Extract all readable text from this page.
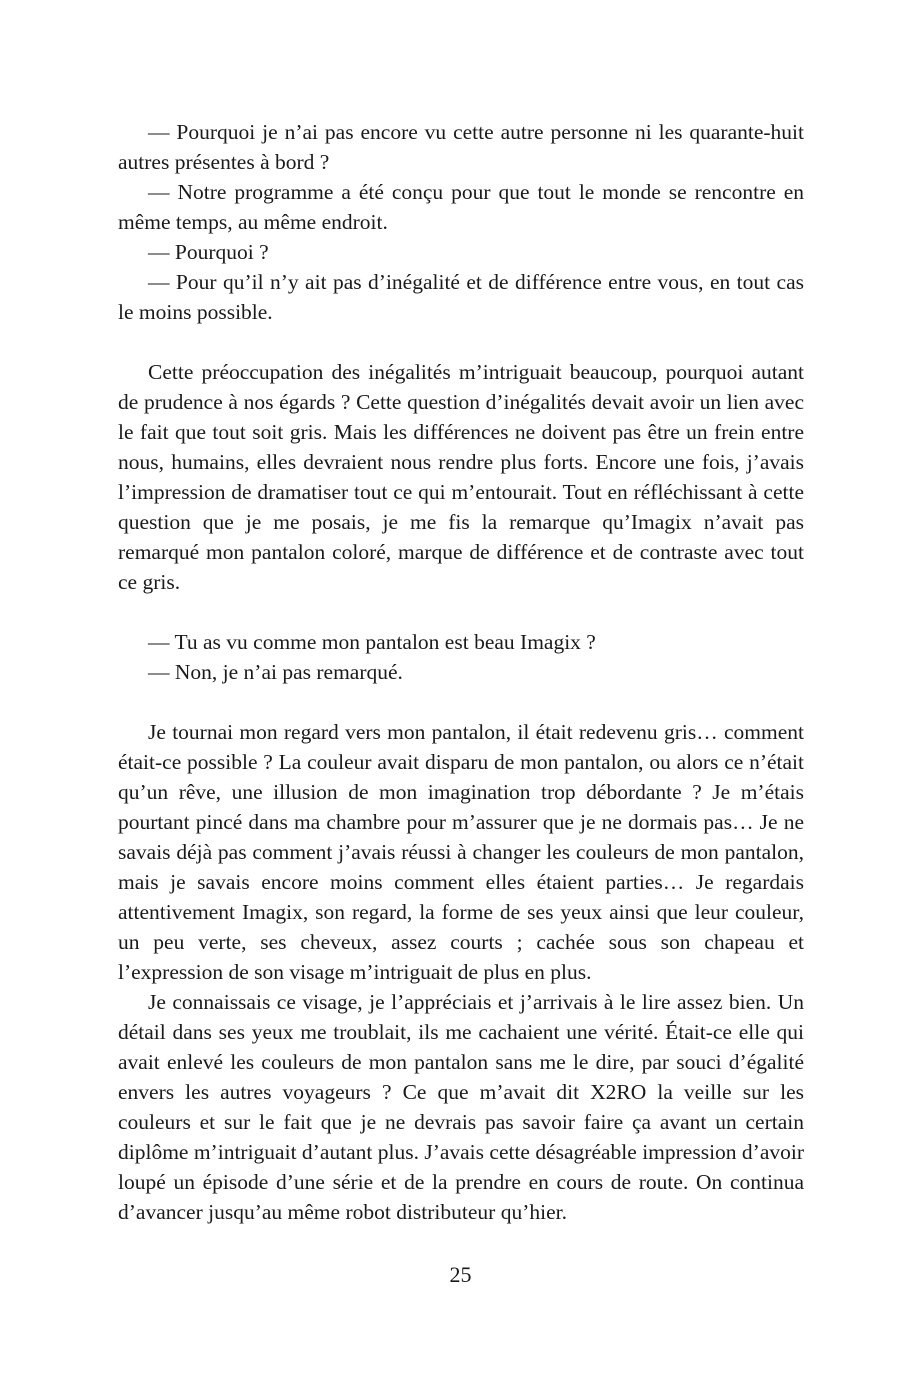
— Pourquoi je n’ai pas encore vu cette autre personne ni les quarante-huit autres présentes à bord ?

— Notre programme a été conçu pour que tout le monde se rencontre en même temps, au même endroit.

— Pourquoi ?

— Pour qu’il n’y ait pas d’inégalité et de différence entre vous, en tout cas le moins possible.

Cette préoccupation des inégalités m’intriguait beaucoup, pourquoi autant de prudence à nos égards ? Cette question d’inégalités devait avoir un lien avec le fait que tout soit gris. Mais les différences ne doivent pas être un frein entre nous, humains, elles devraient nous rendre plus forts. Encore une fois, j’avais l’impression de dramatiser tout ce qui m’entourait. Tout en réfléchissant à cette question que je me posais, je me fis la remarque qu’Imagix n’avait pas remarqué mon pantalon coloré, marque de différence et de contraste avec tout ce gris.

— Tu as vu comme mon pantalon est beau Imagix ?

— Non, je n’ai pas remarqué.

Je tournai mon regard vers mon pantalon, il était redevenu gris… comment était-ce possible ? La couleur avait disparu de mon pantalon, ou alors ce n’était qu’un rêve, une illusion de mon imagination trop débordante ? Je m’étais pourtant pincé dans ma chambre pour m’assurer que je ne dormais pas… Je ne savais déjà pas comment j’avais réussi à changer les couleurs de mon pantalon, mais je savais encore moins comment elles étaient parties… Je regardais attentivement Imagix, son regard, la forme de ses yeux ainsi que leur couleur, un peu verte, ses cheveux, assez courts ; cachée sous son chapeau et l’expression de son visage m’intriguait de plus en plus.

Je connaissais ce visage, je l’appréciais et j’arrivais à le lire assez bien. Un détail dans ses yeux me troublait, ils me cachaient une vérité. Était-ce elle qui avait enlevé les couleurs de mon pantalon sans me le dire, par souci d’égalité envers les autres voyageurs ? Ce que m’avait dit X2RO la veille sur les couleurs et sur le fait que je ne devrais pas savoir faire ça avant un certain diplôme m’intriguait d’autant plus. J’avais cette désagréable impression d’avoir loupé un épisode d’une série et de la prendre en cours de route. On continua d’avancer jusqu’au même robot distributeur qu’hier.

25
